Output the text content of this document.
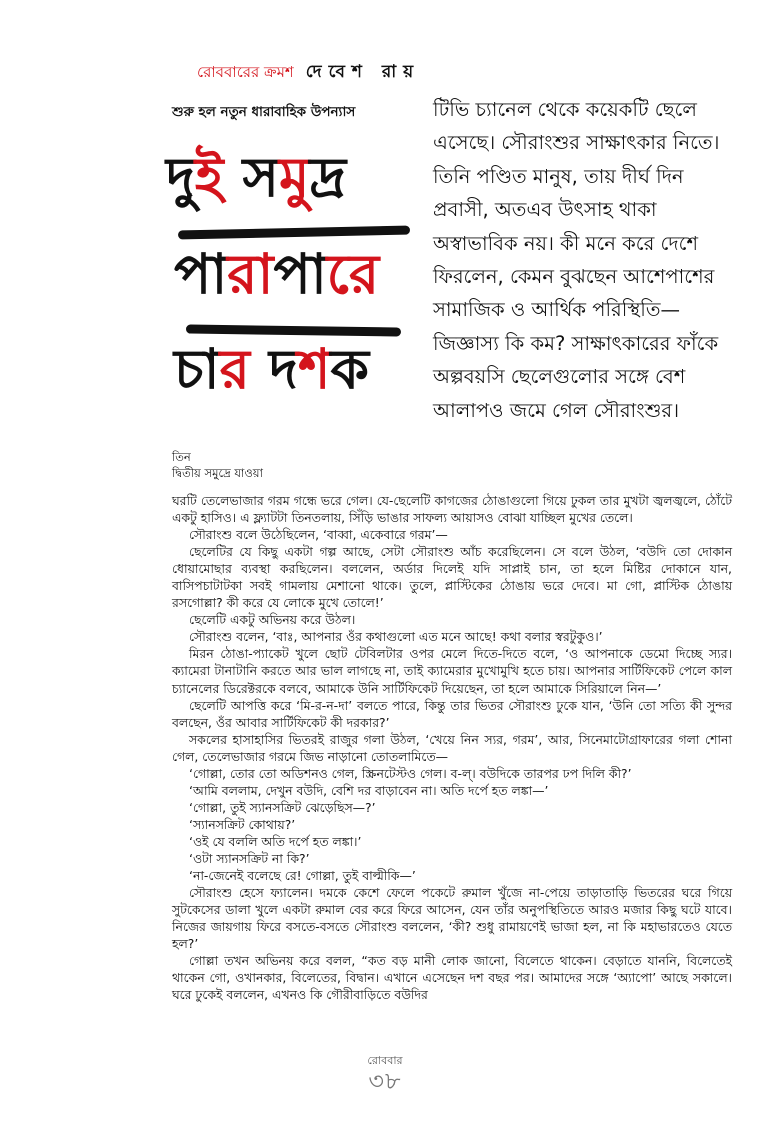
রোববারের ক্রমশ দেবেশ রায়
শুরু হল নতুন ধারাবাহিক উপন্যাস
দুই সমুদ্র
পারাপারে
চার দশক

টিভি চ্যানেল থেকে কয়েকটি ছেলে এসেছে। সৌরাংশুর সাক্ষাৎকার নিতে। তিনি পণ্ডিত মানুষ, তায় দীর্ঘ দিন প্রবাসী, অতএব উৎসাহ থাকা অস্বাভাবিক নয়। কী মনে করে দেশে ফিরলেন, কেমন বুঝছেন আশেপাশের সামাজিক ও আর্থিক পরিস্থিতি—জিজ্ঞাস্য কি কম? সাক্ষাৎকারের ফাঁকে অল্পবয়সি ছেলেগুলোর সঙ্গে বেশ আলাপও জমে গেল সৌরাংশুর।

তিন
দ্বিতীয় সমুদ্রে যাওয়া

ঘরটি তেলেভাজার গরম গন্ধে ভরে গেল। যে-ছেলেটি কাগজের ঠোঙাগুলো গিয়ে ঢুকল তার মুখটা জ্বলজ্বলে, ঠোঁটে একটু হাসিও। এ ফ্ল্যাটটা তিনতলায়, সিঁড়ি ভাঙার সাফল্য আয়াসও বোঝা যাচ্ছিল মুখের তেলে।

সৌরাংশু বলে উঠেছিলেন, ‘বাব্বা, একেবারে গরম’—

ছেলেটির যে কিছু একটা গল্প আছে, সেটা সৌরাংশু আঁচ করেছিলেন। সে বলে উঠল, ‘বউদি তো দোকান ধোয়ামোছার ব্যবস্থা করছিলেন। বললেন, অর্ডার দিলেই যদি সাপ্লাই চান, তা হলে মিষ্টির দোকানে যান, বাসিপচাটাটকা সবই গামলায় মেশানো থাকে। তুলে, প্লাস্টিকের ঠোঙায় ভরে দেবে। মা গো, প্লাস্টিক ঠোঙায় রসগোল্লা? কী করে যে লোকে মুখে তোলে!’

ছেলেটি একটু অভিনয় করে উঠল।

সৌরাংশু বলেন, ‘বাঃ, আপনার ওঁর কথাগুলো এত মনে আছে! কথা বলার স্বরটুকুও।’

মিরন ঠোঙা-প্যাকেট খুলে ছোট টেবিলটার ওপর মেলে দিতে-দিতে বলে, ‘ও আপনাকে ডেমো দিচ্ছে স্যর। ক্যামেরা টানাটানি করতে আর ভাল লাগছে না, তাই ক্যামেরার মুখোমুখি হতে চায়। আপনার সার্টিফিকেট পেলে কাল চ্যানেলের ডিরেক্টরকে বলবে, আমাকে উনি সার্টিফিকেট দিয়েছেন, তা হলে আমাকে সিরিয়ালে নিন—’

ছেলেটি আপত্তি করে ‘মি-র-ন-দা’ বলতে পারে, কিন্তু তার ভিতর সৌরাংশু ঢুকে যান, ‘উনি তো সত্যি কী সুন্দর বলছেন, ওঁর আবার সার্টিফিকেট কী দরকার?’

সকলের হাসাহাসির ভিতরই রাজুর গলা উঠল, ‘খেয়ে নিন স্যর, গরম’, আর, সিনেমাটোগ্রাফারের গলা শোনা গেল, তেলেভাজার গরমে জিভ নাড়ানো তোতলামিতে—

‘গোল্লা, তোর তো অডিশনও গেল, স্ক্রিনটেস্টও গেল। ব-ল্। বউদিকে তারপর ঢপ দিলি কী?’

‘আমি বললাম, দেখুন বউদি, বেশি দর বাড়াবেন না। অতি দর্পে হত লঙ্কা—’

‘গোল্লা, তুই স্যানসক্রিট ঝেড়েছিস—?’

‘স্যানসক্রিট কোথায়?’

‘ওই যে বললি অতি দর্পে হত লঙ্কা।’

‘ওটা স্যানসক্রিট না কি?’

‘না-জেনেই বলেছে রে! গোল্লা, তুই বাল্মীকি—’

সৌরাংশু হেসে ফ্যালেন। দমকে কেশে ফেলে পকেটে রুমাল খুঁজে না-পেয়ে তাড়াতাড়ি ভিতরের ঘরে গিয়ে সুটকেসের ডালা খুলে একটা রুমাল বের করে ফিরে আসেন, যেন তাঁর অনুপস্থিতিতে আরও মজার কিছু ঘটে যাবে। নিজের জায়গায় ফিরে বসতে-বসতে সৌরাংশু বললেন, ‘কী? শুধু রামায়ণেই ভাজা হল, না কি মহাভারতেও যেতে হল?’

গোল্লা তখন অভিনয় করে বলল, “কত বড় মানী লোক জানো, বিলেতে থাকেন। বেড়াতে যাননি, বিলেতেই থাকেন গো, ওখানকার, বিলেতের, বিদ্বান। এখানে এসেছেন দশ বছর পর। আমাদের সঙ্গে ‘অ্যাপো’ আছে সকালে। ঘরে ঢুকেই বললেন, এখনও কি গৌরীবাড়িতে বউদির

রোববার
৩৮
